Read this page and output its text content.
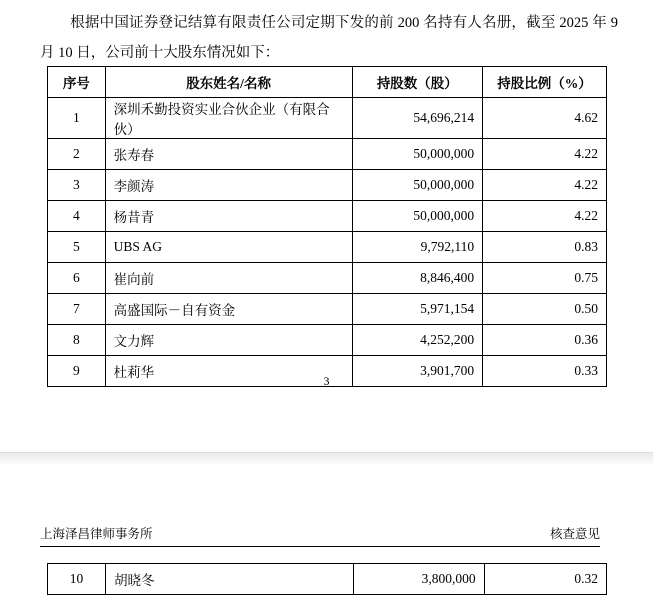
根据中国证券登记结算有限责任公司定期下发的前 200 名持有人名册，截至 2025 年 9 月 10 日，公司前十大股东情况如下：
序号	股东姓名/名称	持股数（股）	持股比例（%）
1	深圳禾勤投资实业合伙企业（有限合伙）	54,696,214	4.62
2	张寿春	50,000,000	4.22
3	李颜涛	50,000,000	4.22
4	杨昔青	50,000,000	4.22
5	UBS AG	9,792,110	0.83
6	崔向前	8,846,400	0.75
7	高盛国际－自有资金	5,971,154	0.50
8	文力辉	4,252,200	0.36
9	杜莉华	3,901,700	0.33
3
上海泽昌律师事务所	核查意见
10	胡晓冬	3,800,000	0.32
